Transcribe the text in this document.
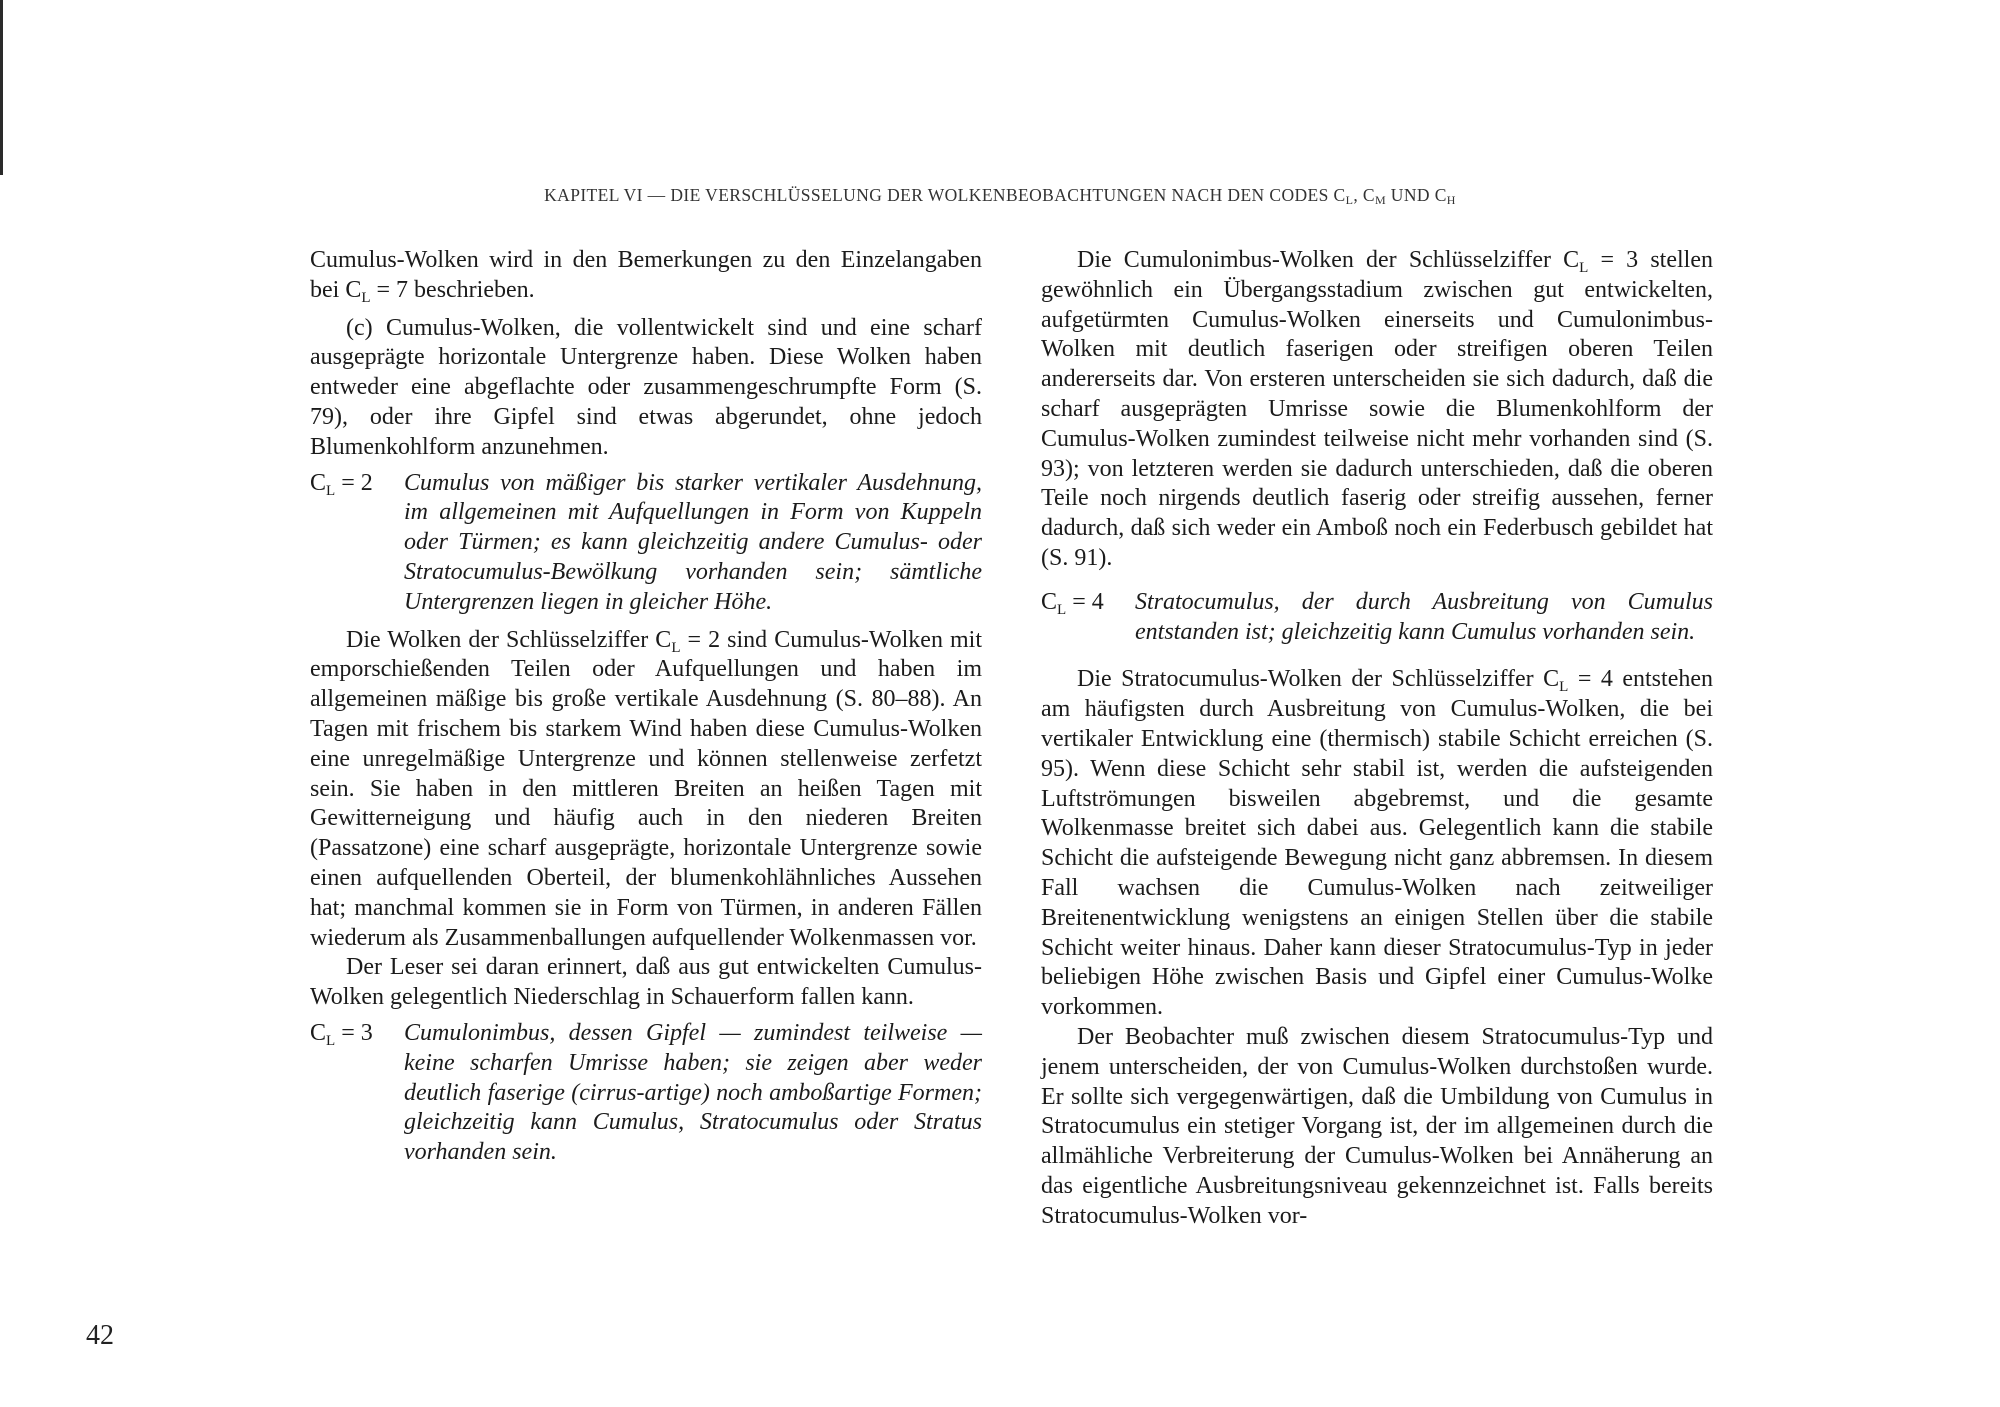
KAPITEL VI — DIE VERSCHLÜSSELUNG DER WOLKENBEOBACHTUNGEN NACH DEN CODES $C_L$, $C_M$ UND $C_H$

Cumulus-Wolken wird in den Bemerkungen zu den Einzelangaben bei $C_L = 7$ beschrieben.

(c) Cumulus-Wolken, die vollentwickelt sind und eine scharf ausgeprägte horizontale Untergrenze haben. Diese Wolken haben entweder eine abgeflachte oder zusammengeschrumpfte Form (S. 79), oder ihre Gipfel sind etwas abgerundet, ohne jedoch Blumenkohlform anzunehmen.

$C_L = 2$ Cumulus von mäßiger bis starker vertikaler Ausdehnung, im allgemeinen mit Aufquellungen in Form von Kuppeln oder Türmen; es kann gleichzeitig andere Cumulus- oder Stratocumulus-Bewölkung vorhanden sein; sämtliche Untergrenzen liegen in gleicher Höhe.

Die Wolken der Schlüsselziffer $C_L = 2$ sind Cumulus-Wolken mit emporschießenden Teilen oder Aufquellungen und haben im allgemeinen mäßige bis große vertikale Ausdehnung (S. 80–88). An Tagen mit frischem bis starkem Wind haben diese Cumulus-Wolken eine unregelmäßige Untergrenze und können stellenweise zerfetzt sein. Sie haben in den mittleren Breiten an heißen Tagen mit Gewitterneigung und häufig auch in den niederen Breiten (Passatzone) eine scharf ausgeprägte, horizontale Untergrenze sowie einen aufquellenden Oberteil, der blumenkohlähnliches Aussehen hat; manchmal kommen sie in Form von Türmen, in anderen Fällen wiederum als Zusammenballungen aufquellender Wolkenmassen vor.

Der Leser sei daran erinnert, daß aus gut entwickelten Cumulus-Wolken gelegentlich Niederschlag in Schauerform fallen kann.

$C_L = 3$ Cumulonimbus, dessen Gipfel — zumindest teilweise — keine scharfen Umrisse haben; sie zeigen aber weder deutlich faserige (cirrus-artige) noch amboßartige Formen; gleichzeitig kann Cumulus, Stratocumulus oder Stratus vorhanden sein.

Die Cumulonimbus-Wolken der Schlüsselziffer $C_L = 3$ stellen gewöhnlich ein Übergangsstadium zwischen gut entwickelten, aufgetürmten Cumulus-Wolken einerseits und Cumulonimbus-Wolken mit deutlich faserigen oder streifigen oberen Teilen andererseits dar. Von ersteren unterscheiden sie sich dadurch, daß die scharf ausgeprägten Umrisse sowie die Blumenkohlform der Cumulus-Wolken zumindest teilweise nicht mehr vorhanden sind (S. 93); von letzteren werden sie dadurch unterschieden, daß die oberen Teile noch nirgends deutlich faserig oder streifig aussehen, ferner dadurch, daß sich weder ein Amboß noch ein Federbusch gebildet hat (S. 91).

$C_L = 4$ Stratocumulus, der durch Ausbreitung von Cumulus entstanden ist; gleichzeitig kann Cumulus vorhanden sein.

Die Stratocumulus-Wolken der Schlüsselziffer $C_L = 4$ entstehen am häufigsten durch Ausbreitung von Cumulus-Wolken, die bei vertikaler Entwicklung eine (thermisch) stabile Schicht erreichen (S. 95). Wenn diese Schicht sehr stabil ist, werden die aufsteigenden Luftströmungen bisweilen abgebremst, und die gesamte Wolkenmasse breitet sich dabei aus. Gelegentlich kann die stabile Schicht die aufsteigende Bewegung nicht ganz abbremsen. In diesem Fall wachsen die Cumulus-Wolken nach zeitweiliger Breitenentwicklung wenigstens an einigen Stellen über die stabile Schicht weiter hinaus. Daher kann dieser Stratocumulus-Typ in jeder beliebigen Höhe zwischen Basis und Gipfel einer Cumulus-Wolke vorkommen.

Der Beobachter muß zwischen diesem Stratocumulus-Typ und jenem unterscheiden, der von Cumulus-Wolken durchstoßen wurde. Er sollte sich vergegenwärtigen, daß die Umbildung von Cumulus in Stratocumulus ein stetiger Vorgang ist, der im allgemeinen durch die allmähliche Verbreiterung der Cumulus-Wolken bei Annäherung an das eigentliche Ausbreitungsniveau gekennzeichnet ist. Falls bereits Stratocumulus-Wolken vor-

42
